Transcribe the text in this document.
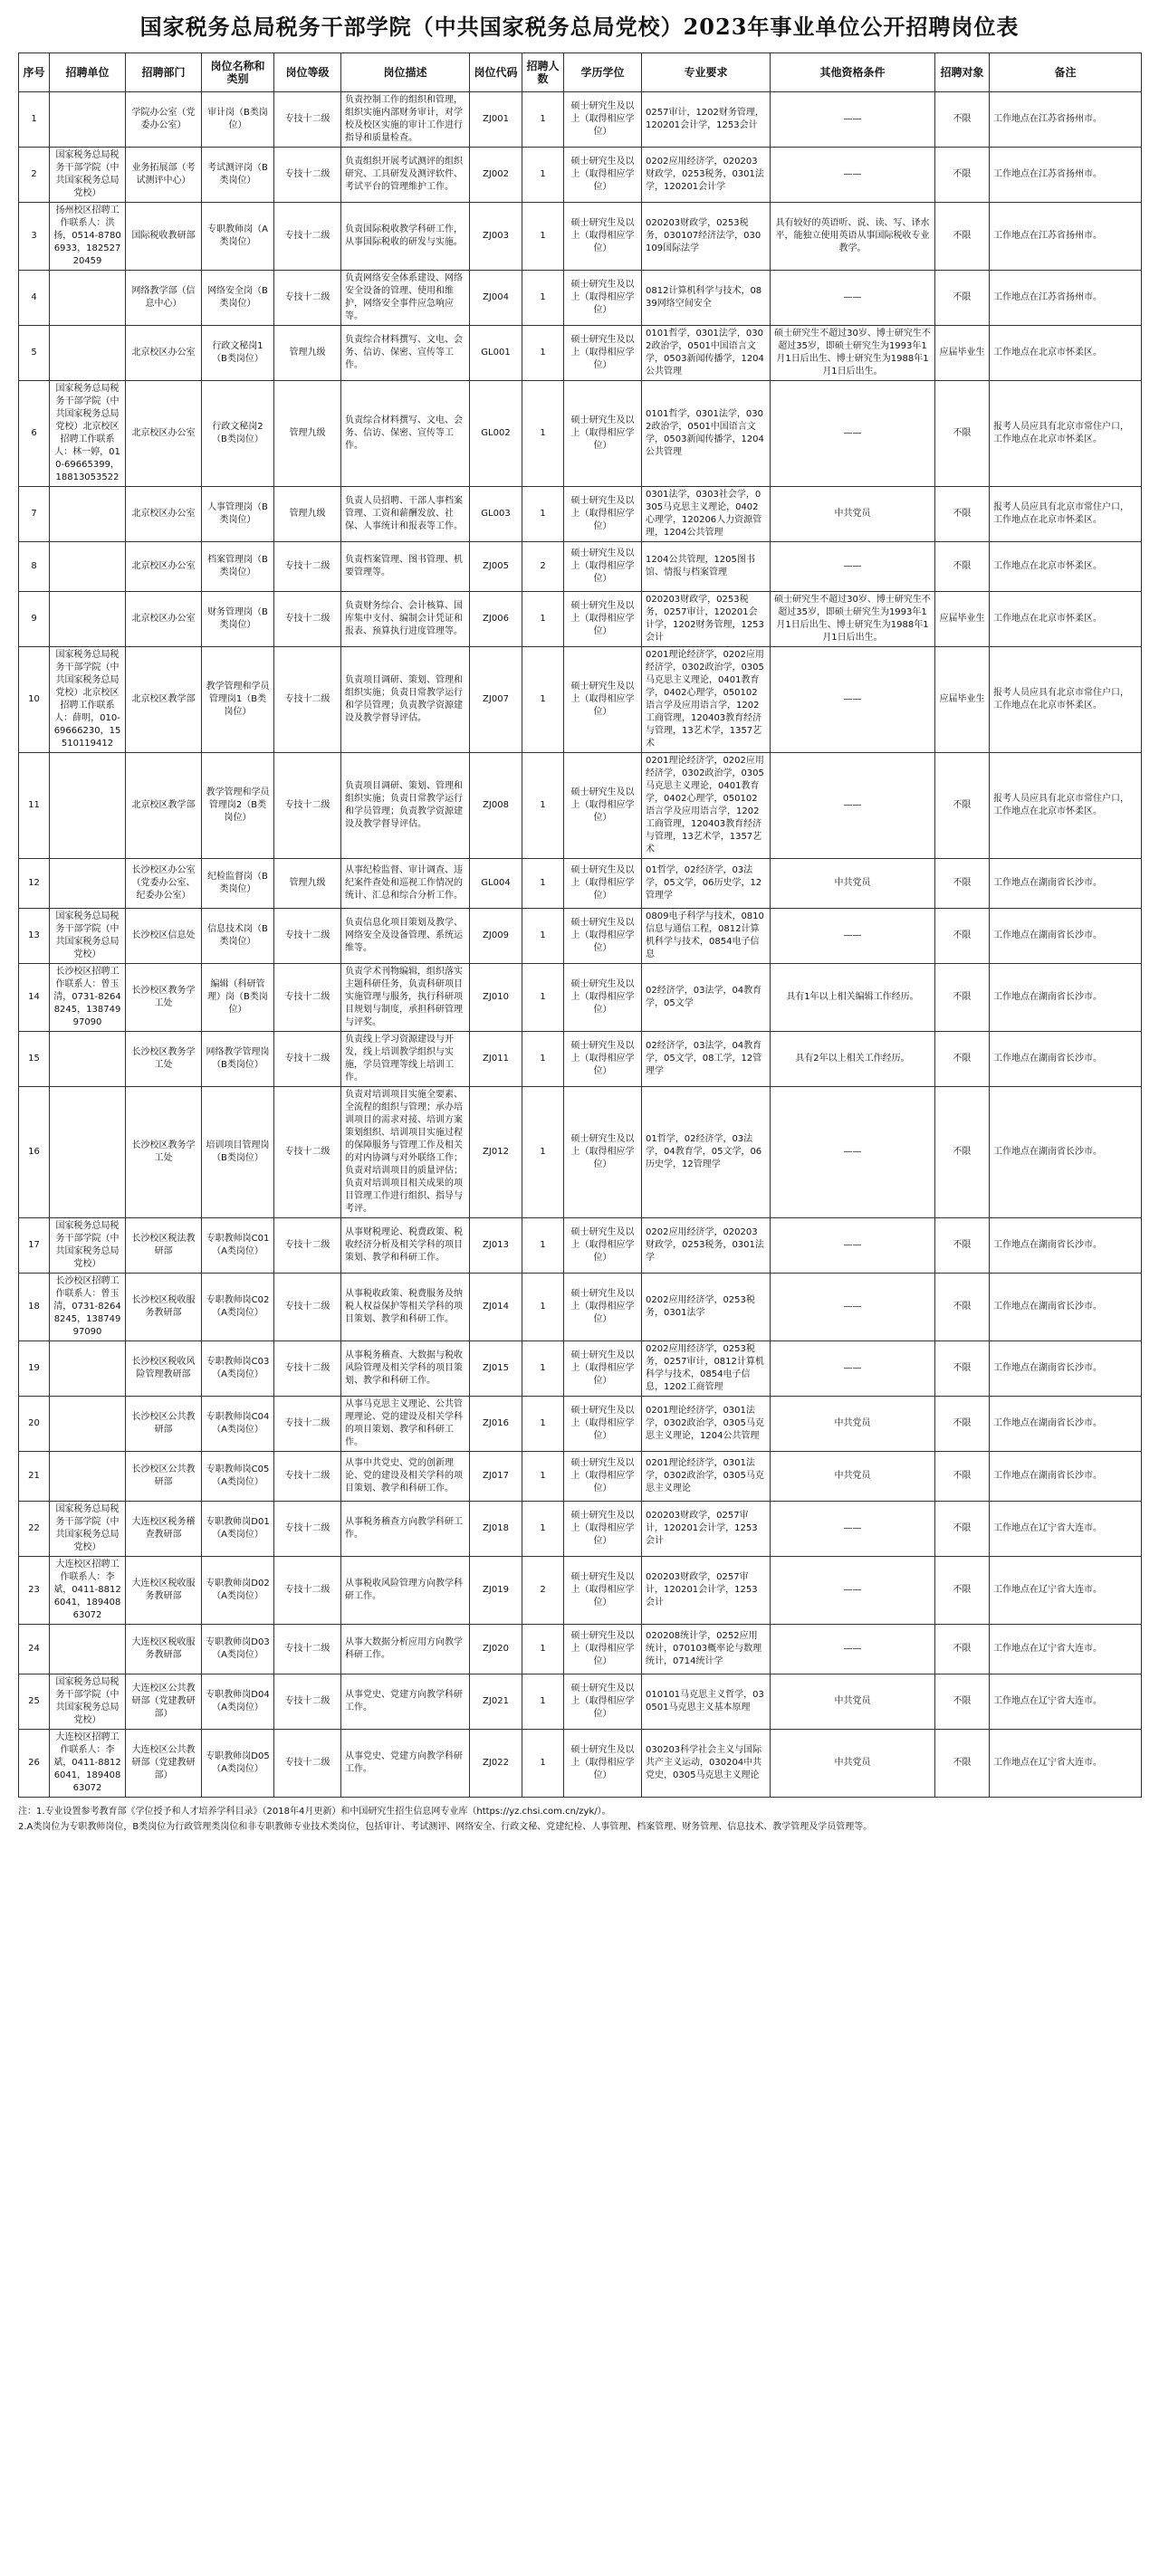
国家税务总局税务干部学院（中共国家税务总局党校）2023年事业单位公开招聘岗位表
序号	招聘单位	招聘部门	岗位名称和类别	岗位等级	岗位描述	岗位代码	招聘人数	学历学位	专业要求	其他资格条件	招聘对象	备注
1		学院办公室（党委办公室）	审计岗（B类岗位）	专技十二级	负责控制工作的组织和管理，组织实施内部财务审计，对学校及校区实施的审计工作进行指导和质量检查。	ZJ001	1	硕士研究生及以上（取得相应学位）	0257审计，1202财务管理，120201会计学，1253会计	——	不限	工作地点在江苏省扬州市。
2	国家税务总局税务干部学院（中共国家税务总局党校）	业务拓展部（考试测评中心）	考试测评岗（B类岗位）	专技十二级	负责组织开展考试测评的组织研究、工具研发及测评软件、考试平台的管理维护工作。	ZJ002	1	硕士研究生及以上（取得相应学位）	0202应用经济学，020203财政学，0253税务，0301法学，120201会计学	——	不限	工作地点在江苏省扬州市。
3	扬州校区招聘工作联系人：洪扬，0514-87806933，18252720459	国际税收教研部	专职教师岗（A类岗位）	专技十二级	负责国际税收教学科研工作，从事国际税收的研发与实施。	ZJ003	1	硕士研究生及以上（取得相应学位）	020203财政学，0253税务，030107经济法学，030109国际法学	具有较好的英语听、说、读、写、译水平，能独立使用英语从事国际税收专业教学。	不限	工作地点在江苏省扬州市。
4		网络教学部（信息中心）	网络安全岗（B类岗位）	专技十二级	负责网络安全体系建设、网络安全设备的管理、使用和维护，网络安全事件应急响应等。	ZJ004	1	硕士研究生及以上（取得相应学位）	0812计算机科学与技术，0839网络空间安全	——	不限	工作地点在江苏省扬州市。
5		北京校区办公室	行政文秘岗1（B类岗位）	管理九级	负责综合材料撰写、文电、会务、信访、保密、宣传等工作。	GL001	1	硕士研究生及以上（取得相应学位）	0101哲学，0301法学，0302政治学，0501中国语言文学，0503新闻传播学，1204公共管理	硕士研究生不超过30岁、博士研究生不超过35岁，即硕士研究生为1993年1月1日后出生、博士研究生为1988年1月1日后出生。	应届毕业生	工作地点在北京市怀柔区。
6	国家税务总局税务干部学院（中共国家税务总局党校）北京校区招聘工作联系人：林一婷，010-69665399，18813053522	北京校区办公室	行政文秘岗2（B类岗位）	管理九级	负责综合材料撰写、文电、会务、信访、保密、宣传等工作。	GL002	1	硕士研究生及以上（取得相应学位）	0101哲学，0301法学，0302政治学，0501中国语言文学，0503新闻传播学，1204公共管理	——	不限	报考人员应具有北京市常住户口，工作地点在北京市怀柔区。
7		北京校区办公室	人事管理岗（B类岗位）	管理九级	负责人员招聘、干部人事档案管理、工资和薪酬发放、社保、人事统计和报表等工作。	GL003	1	硕士研究生及以上（取得相应学位）	0301法学，0303社会学，0305马克思主义理论，0402心理学，120206人力资源管理，1204公共管理	中共党员	不限	报考人员应具有北京市常住户口，工作地点在北京市怀柔区。
8		北京校区办公室	档案管理岗（B类岗位）	专技十二级	负责档案管理、图书管理、机要管理等。	ZJ005	2	硕士研究生及以上（取得相应学位）	1204公共管理，1205图书馆、情报与档案管理	——	不限	工作地点在北京市怀柔区。
9		北京校区办公室	财务管理岗（B类岗位）	专技十二级	负责财务综合、会计核算、国库集中支付、编制会计凭证和报表、预算执行进度管理等。	ZJ006	1	硕士研究生及以上（取得相应学位）	020203财政学，0253税务，0257审计，120201会计学，1202财务管理，1253会计	硕士研究生不超过30岁、博士研究生不超过35岁，即硕士研究生为1993年1月1日后出生、博士研究生为1988年1月1日后出生。	应届毕业生	工作地点在北京市怀柔区。
10	国家税务总局税务干部学院（中共国家税务总局党校）北京校区招聘工作联系人：薛明，010-69666230，15510119412	北京校区教学部	教学管理和学员管理岗1（B类岗位）	专技十二级	负责项目调研、策划、管理和组织实施；负责日常教学运行和学员管理；负责教学资源建设及教学督导评估。	ZJ007	1	硕士研究生及以上（取得相应学位）	0201理论经济学，0202应用经济学，0302政治学，0305马克思主义理论，0401教育学，0402心理学，050102语言学及应用语言学，1202工商管理，120403教育经济与管理，13艺术学，1357艺术	——	应届毕业生	报考人员应具有北京市常住户口，工作地点在北京市怀柔区。
11		北京校区教学部	教学管理和学员管理岗2（B类岗位）	专技十二级	负责项目调研、策划、管理和组织实施；负责日常教学运行和学员管理；负责教学资源建设及教学督导评估。	ZJ008	1	硕士研究生及以上（取得相应学位）	0201理论经济学，0202应用经济学，0302政治学，0305马克思主义理论，0401教育学，0402心理学，050102语言学及应用语言学，1202工商管理，120403教育经济与管理，13艺术学，1357艺术	——	不限	报考人员应具有北京市常住户口，工作地点在北京市怀柔区。
12		长沙校区办公室（党委办公室、纪委办公室）	纪检监督岗（B类岗位）	管理九级	从事纪检监督、审计调查、违纪案件查处和巡视工作情况的统计、汇总和综合分析工作。	GL004	1	硕士研究生及以上（取得相应学位）	01哲学，02经济学，03法学，05文学，06历史学，12管理学	中共党员	不限	工作地点在湖南省长沙市。
13	国家税务总局税务干部学院（中共国家税务总局党校）	长沙校区信息处	信息技术岗（B类岗位）	专技十二级	负责信息化项目策划及教学、网络安全及设备管理、系统运维等。	ZJ009	1	硕士研究生及以上（取得相应学位）	0809电子科学与技术，0810信息与通信工程，0812计算机科学与技术，0854电子信息	——	不限	工作地点在湖南省长沙市。
14	长沙校区招聘工作联系人：曾玉清，0731-82648245，13874997090	长沙校区教务学工处	编辑（科研管理）岗（B类岗位）	专技十二级	负责学术刊物编辑，组织落实主题科研任务，负责科研项目实施管理与服务，执行科研项目规划与制度，承担科研管理与评奖。	ZJ010	1	硕士研究生及以上（取得相应学位）	02经济学，03法学，04教育学，05文学	具有1年以上相关编辑工作经历。	不限	工作地点在湖南省长沙市。
15		长沙校区教务学工处	网络教学管理岗（B类岗位）	专技十二级	负责线上学习资源建设与开发，线上培训教学组织与实施，学员管理等线上培训工作。	ZJ011	1	硕士研究生及以上（取得相应学位）	02经济学，03法学，04教育学，05文学，08工学，12管理学	具有2年以上相关工作经历。	不限	工作地点在湖南省长沙市。
16		长沙校区教务学工处	培训项目管理岗（B类岗位）	专技十二级	负责对培训项目实施全要素、全流程的组织与管理；承办培训项目的需求对接、培训方案策划组织、培训项目实施过程的保障服务与管理工作及相关的对内协调与对外联络工作；负责对培训项目的质量评估；负责对培训项目相关成果的项目管理工作进行组织、指导与考评。	ZJ012	1	硕士研究生及以上（取得相应学位）	01哲学，02经济学，03法学，04教育学，05文学，06历史学，12管理学	——	不限	工作地点在湖南省长沙市。
17	国家税务总局税务干部学院（中共国家税务总局党校）	长沙校区税法教研部	专职教师岗C01（A类岗位）	专技十二级	从事财税理论、税费政策、税收经济分析及相关学科的项目策划、教学和科研工作。	ZJ013	1	硕士研究生及以上（取得相应学位）	0202应用经济学，020203财政学，0253税务，0301法学	——	不限	工作地点在湖南省长沙市。
18	长沙校区招聘工作联系人：曾玉清，0731-82648245，13874997090	长沙校区税收服务教研部	专职教师岗C02（A类岗位）	专技十二级	从事税收政策、税费服务及纳税人权益保护等相关学科的项目策划、教学和科研工作。	ZJ014	1	硕士研究生及以上（取得相应学位）	0202应用经济学，0253税务，0301法学	——	不限	工作地点在湖南省长沙市。
19		长沙校区税收风险管理教研部	专职教师岗C03（A类岗位）	专技十二级	从事税务稽查、大数据与税收风险管理及相关学科的项目策划、教学和科研工作。	ZJ015	1	硕士研究生及以上（取得相应学位）	0202应用经济学，0253税务，0257审计，0812计算机科学与技术，0854电子信息，1202工商管理	——	不限	工作地点在湖南省长沙市。
20		长沙校区公共教研部	专职教师岗C04（A类岗位）	专技十二级	从事马克思主义理论、公共管理理论、党的建设及相关学科的项目策划、教学和科研工作。	ZJ016	1	硕士研究生及以上（取得相应学位）	0201理论经济学，0301法学，0302政治学，0305马克思主义理论，1204公共管理	中共党员	不限	工作地点在湖南省长沙市。
21		长沙校区公共教研部	专职教师岗C05（A类岗位）	专技十二级	从事中共党史、党的创新理论、党的建设及相关学科的项目策划、教学和科研工作。	ZJ017	1	硕士研究生及以上（取得相应学位）	0201理论经济学，0301法学，0302政治学，0305马克思主义理论	中共党员	不限	工作地点在湖南省长沙市。
22	国家税务总局税务干部学院（中共国家税务总局党校）	大连校区税务稽查教研部	专职教师岗D01（A类岗位）	专技十二级	从事税务稽查方向教学科研工作。	ZJ018	1	硕士研究生及以上（取得相应学位）	020203财政学，0257审计，120201会计学，1253会计	——	不限	工作地点在辽宁省大连市。
23	大连校区招聘工作联系人：李斌，0411-88126041，18940863072	大连校区税收服务教研部	专职教师岗D02（A类岗位）	专技十二级	从事税收风险管理方向教学科研工作。	ZJ019	2	硕士研究生及以上（取得相应学位）	020203财政学，0257审计，120201会计学，1253会计	——	不限	工作地点在辽宁省大连市。
24		大连校区税收服务教研部	专职教师岗D03（A类岗位）	专技十二级	从事大数据分析应用方向教学科研工作。	ZJ020	1	硕士研究生及以上（取得相应学位）	020208统计学，0252应用统计，070103概率论与数理统计，0714统计学	——	不限	工作地点在辽宁省大连市。
25	国家税务总局税务干部学院（中共国家税务总局党校）	大连校区公共教研部（党建教研部）	专职教师岗D04（A类岗位）	专技十二级	从事党史、党建方向教学科研工作。	ZJ021	1	硕士研究生及以上（取得相应学位）	010101马克思主义哲学，030501马克思主义基本原理	中共党员	不限	工作地点在辽宁省大连市。
26	大连校区招聘工作联系人：李斌，0411-88126041，18940863072	大连校区公共教研部（党建教研部）	专职教师岗D05（A类岗位）	专技十二级	从事党史、党建方向教学科研工作。	ZJ022	1	硕士研究生及以上（取得相应学位）	030203科学社会主义与国际共产主义运动，030204中共党史，0305马克思主义理论	中共党员	不限	工作地点在辽宁省大连市。
注：1.专业设置参考教育部《学位授予和人才培养学科目录》（2018年4月更新）和中国研究生招生信息网专业库（https://yz.chsi.com.cn/zyk/）。
2.A类岗位为专职教师岗位，B类岗位为行政管理类岗位和非专职教师专业技术类岗位，包括审计、考试测评、网络安全、行政文秘、党建纪检、人事管理、档案管理、财务管理、信息技术、教学管理及学员管理等。
